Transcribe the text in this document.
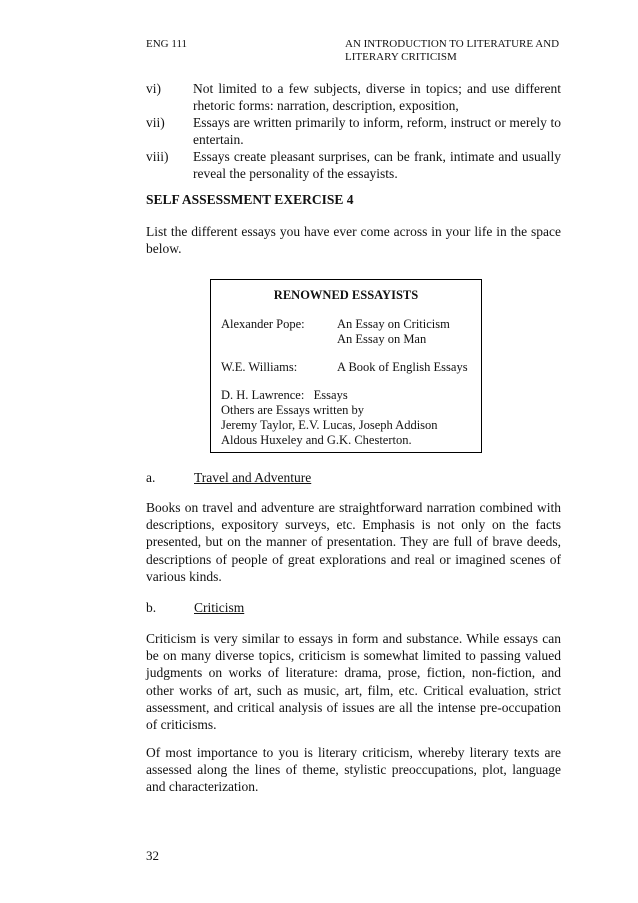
ENG 111	AN INTRODUCTION TO LITERATURE AND LITERARY CRITICISM
vi)	Not limited to a few subjects, diverse in topics; and use different rhetoric forms: narration, description, exposition,
vii)	Essays are written primarily to inform, reform, instruct or merely to entertain.
viii)	Essays create pleasant surprises, can be frank, intimate and usually reveal the personality of the essayists.
SELF ASSESSMENT EXERCISE 4
List the different essays you have ever come across in your life in the space below.
RENOWNED ESSAYISTS
Alexander Pope:	An Essay on Criticism
An Essay on Man
W.E. Williams:	A Book of English Essays
D. H. Lawrence:   Essays
Others are Essays written by
Jeremy Taylor, E.V. Lucas, Joseph Addison
Aldous Huxeley and G.K. Chesterton.
a.	Travel and Adventure
Books on travel and adventure are straightforward narration combined with descriptions, expository surveys, etc. Emphasis is not only on the facts presented, but on the manner of presentation. They are full of brave deeds, descriptions of people of great explorations and real or imagined scenes of various kinds.
b.	Criticism
Criticism is very similar to essays in form and substance. While essays can be on many diverse topics, criticism is somewhat limited to passing valued judgments on works of literature: drama, prose, fiction, non-fiction, and other works of art, such as music, art, film, etc. Critical evaluation, strict assessment, and critical analysis of issues are all the intense pre-occupation of criticisms.
Of most importance to you is literary criticism, whereby literary texts are assessed along the lines of theme, stylistic preoccupations, plot, language and characterization.
32
